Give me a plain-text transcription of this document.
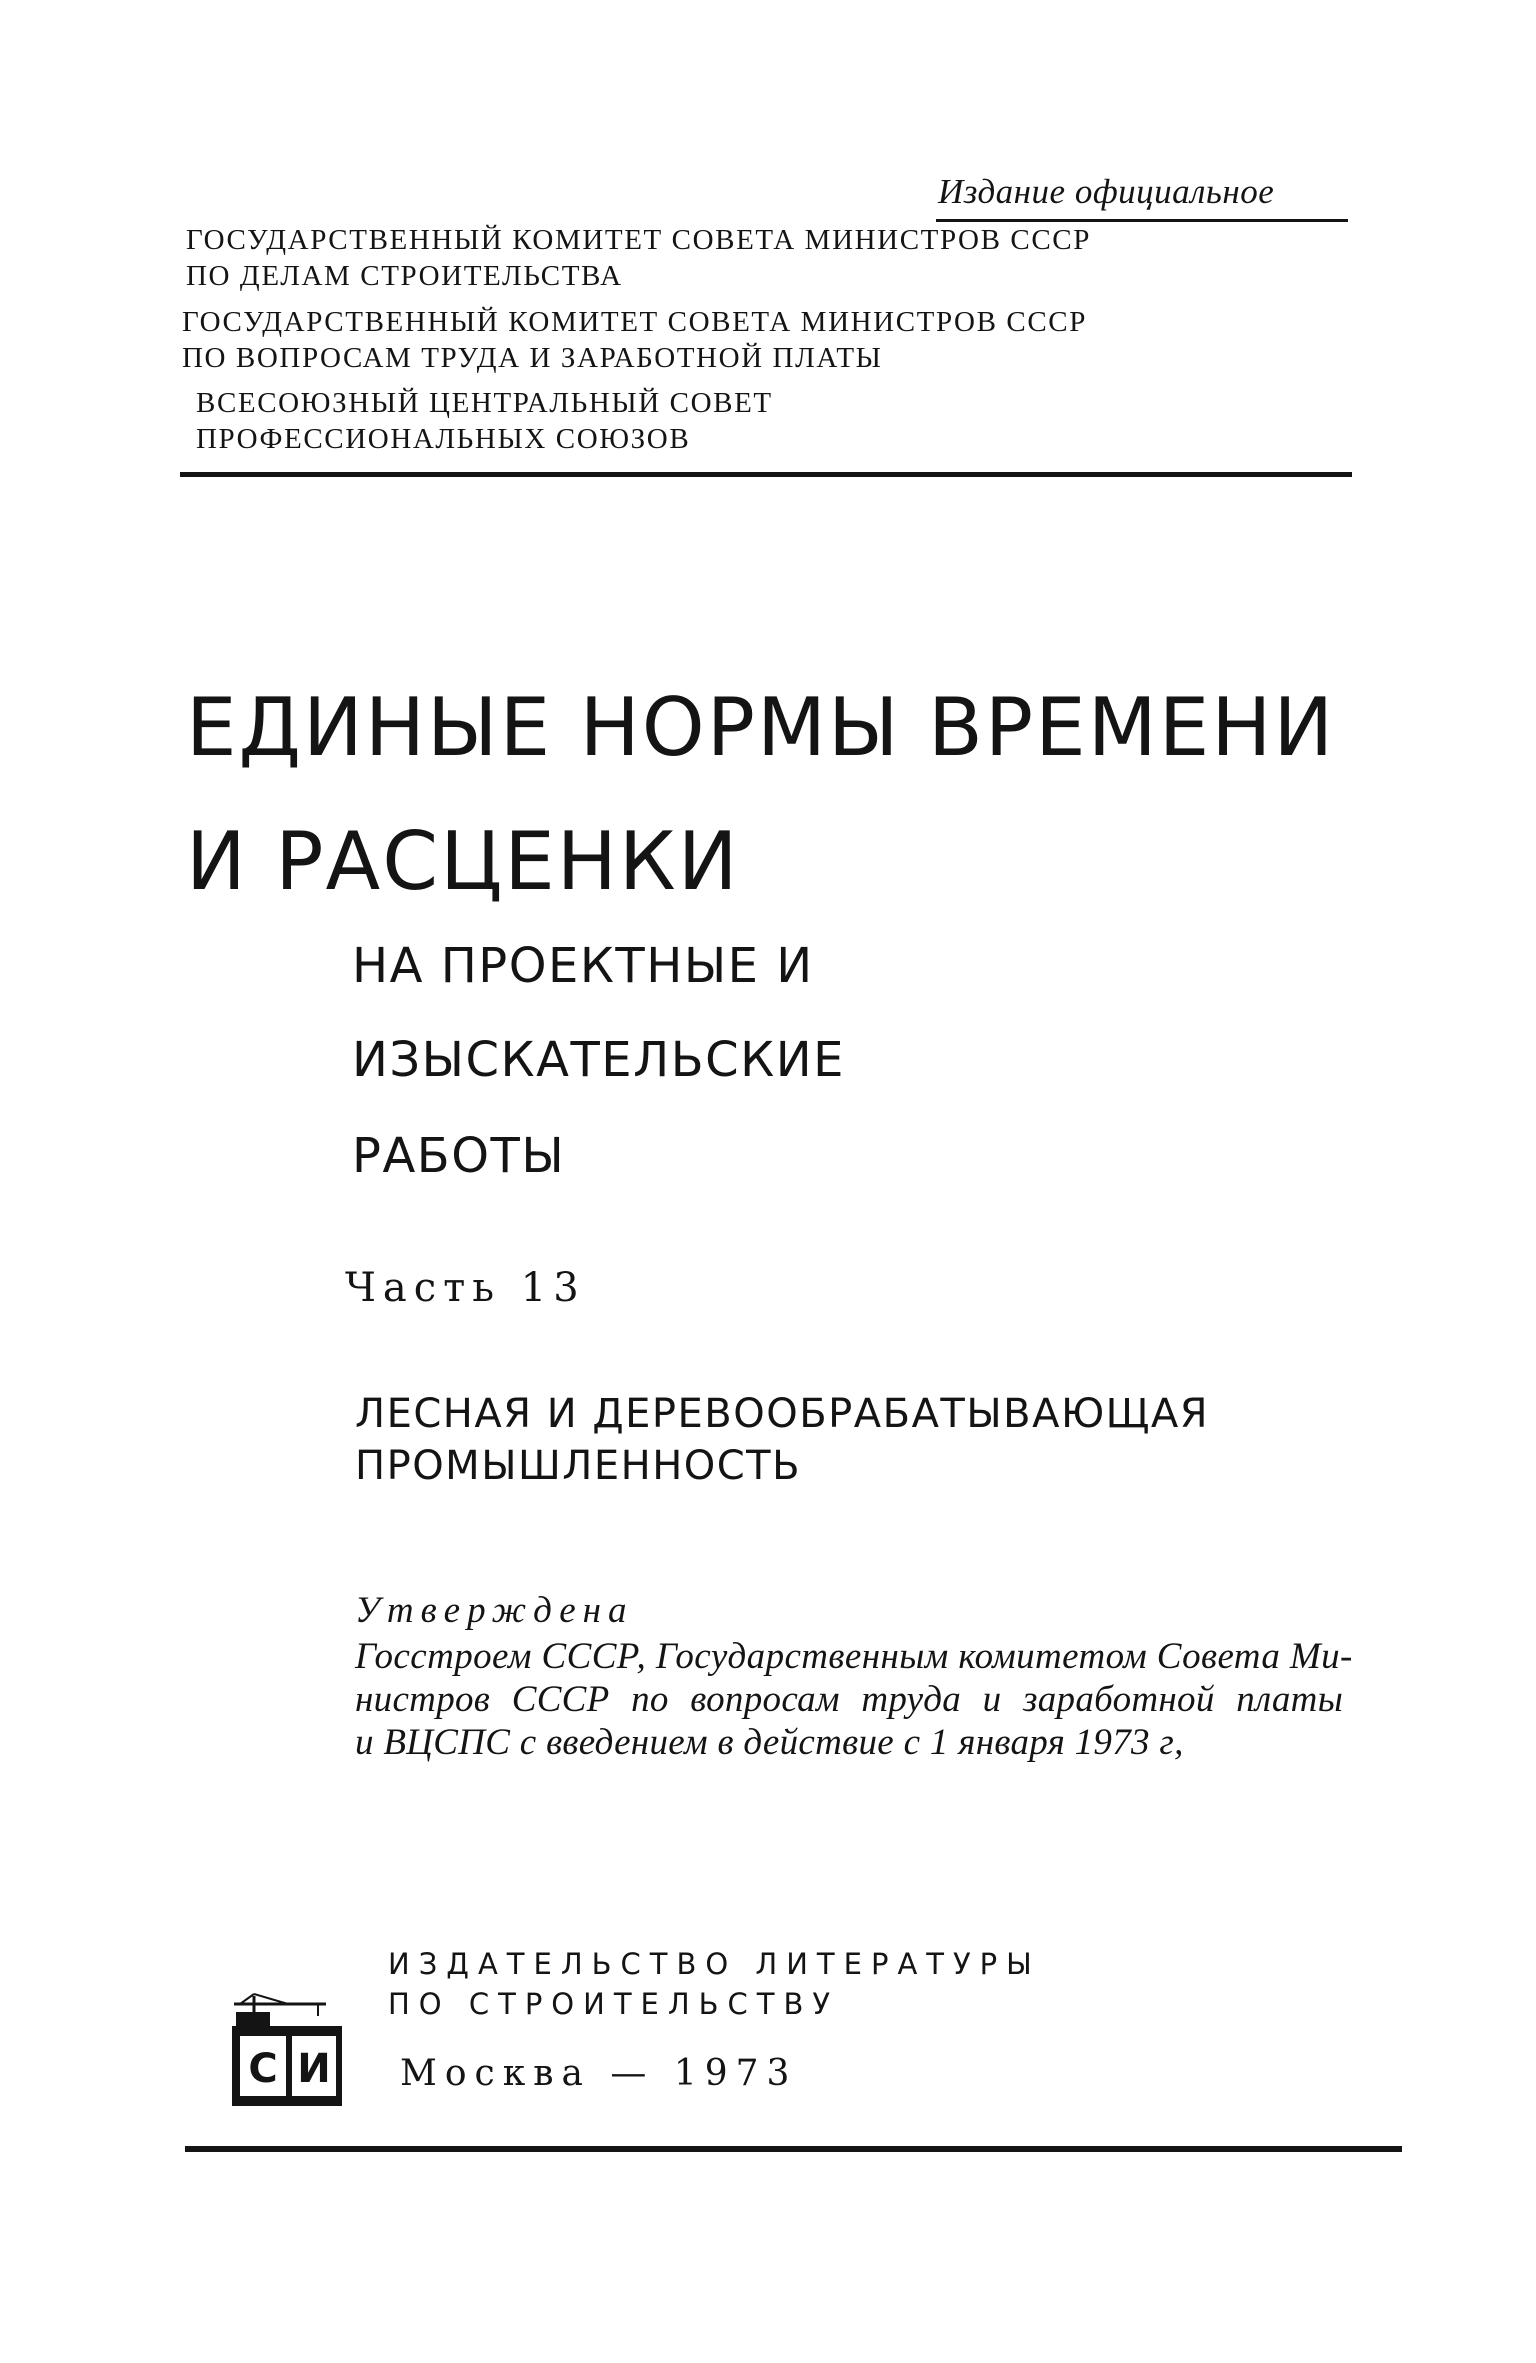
Издание официальное
ГОСУДАРСТВЕННЫЙ КОМИТЕТ СОВЕТА МИНИСТРОВ СССР
ПО ДЕЛАМ СТРОИТЕЛЬСТВА
ГОСУДАРСТВЕННЫЙ КОМИТЕТ СОВЕТА МИНИСТРОВ СССР
ПО ВОПРОСАМ ТРУДА И ЗАРАБОТНОЙ ПЛАТЫ
ВСЕСОЮЗНЫЙ ЦЕНТРАЛЬНЫЙ СОВЕТ
ПРОФЕССИОНАЛЬНЫХ СОЮЗОВ
ЕДИНЫЕ НОРМЫ ВРЕМЕНИ
И РАСЦЕНКИ
НА ПРОЕКТНЫЕ И
ИЗЫСКАТЕЛЬСКИЕ
РАБОТЫ
Часть 13
ЛЕСНАЯ И ДЕРЕВООБРАБАТЫВАЮЩАЯ
ПРОМЫШЛЕННОСТЬ
Утверждена
Госстроем СССР, Государственным комитетом Совета Ми-
нистров СССР по вопросам труда и заработной платы
и ВЦСПС с введением в действие с 1 января 1973 г,
ИЗДАТЕЛЬСТВО ЛИТЕРАТУРЫ
ПО СТРОИТЕЛЬСТВУ
С И Москва — 1973
